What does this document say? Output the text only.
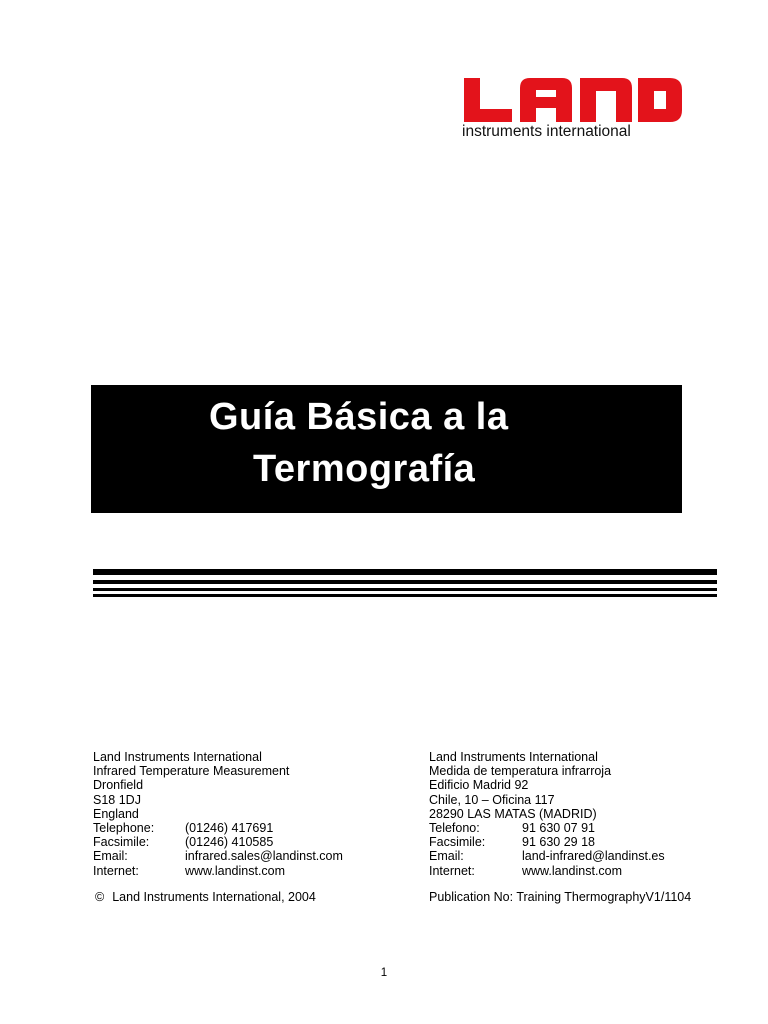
instruments international
Guía Básica a la
Termografía
Land Instruments International
Infrared Temperature Measurement
Dronfield
S18 1DJ
England
Telephone: (01246) 417691
Facsimile:	(01246) 410585
Email:	infrared.sales@landinst.com
Internet:	www.landinst.com
Land Instruments International
Medida de temperatura infrarroja
Edificio Madrid 92
Chile, 10 – Oficina 117
28290 LAS MATAS (MADRID)
Telefono:	91 630 07 91
Facsimile:	91 630 29 18
Email:	land-infrared@landinst.es
Internet:	www.landinst.com
© Land Instruments International, 2004	Publication No: Training ThermographyV1/1104
1
